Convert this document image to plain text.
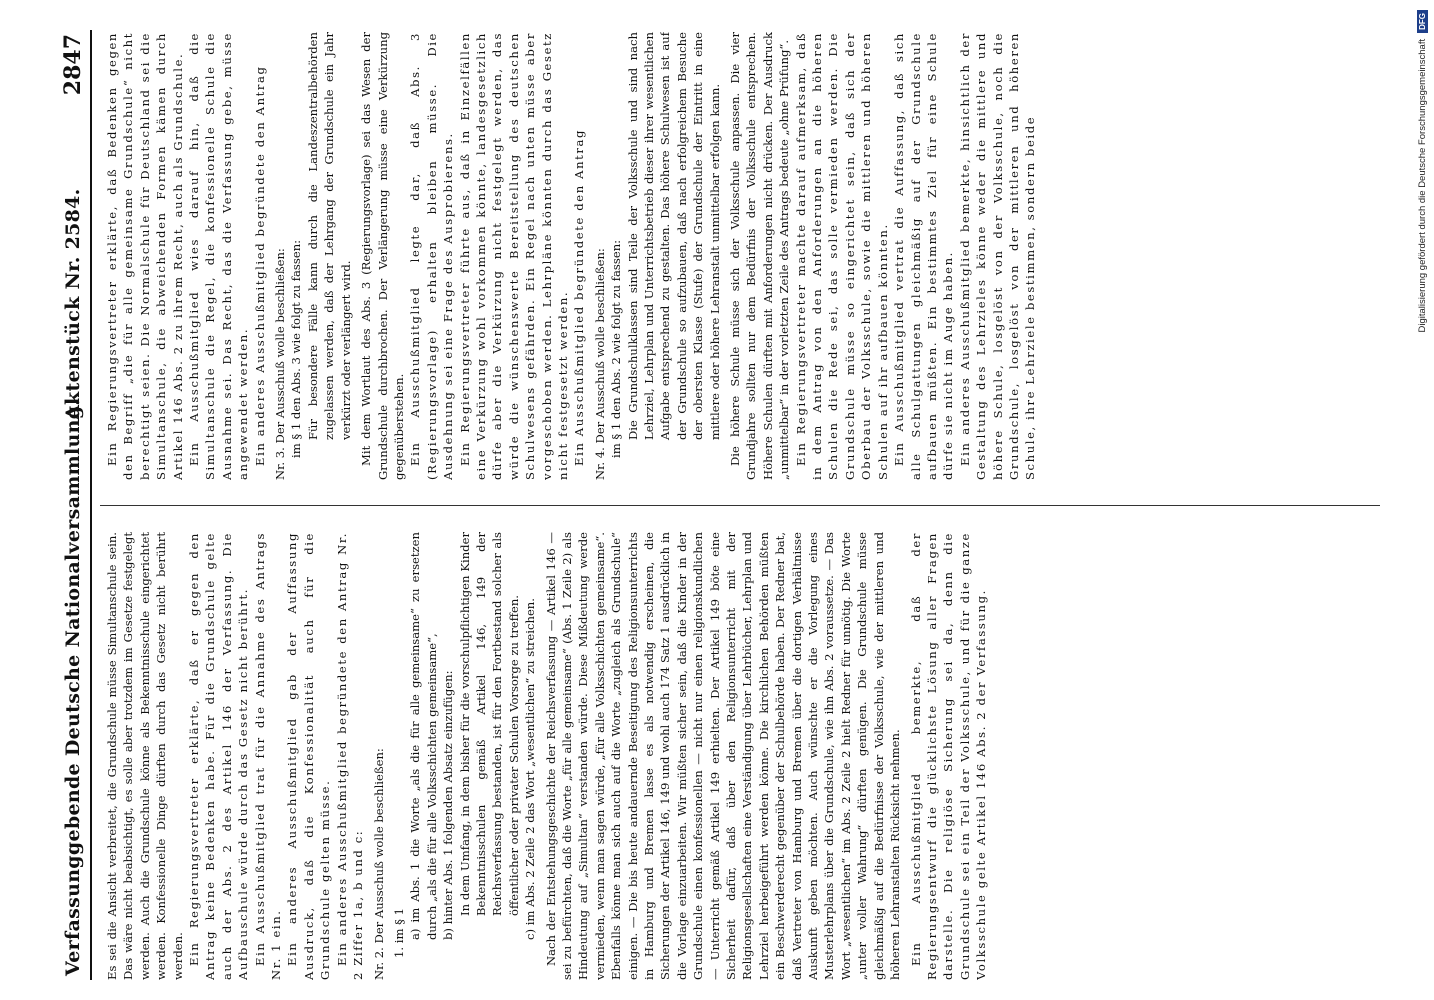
Verfassunggebende Deutsche Nationalversammlung.
Aktenstück Nr. 2584.
2847

Es sei die Ansicht verbreitet, die Grundschule müsse Simultanschule sein. Das wäre nicht beabsichtigt, es solle aber trotzdem im Gesetze festgelegt werden. Auch die Grundschule könne als Bekenntnisschule eingerichtet werden. Konfessionelle Dinge dürften durch das Gesetz nicht berührt werden. Ein Regierungsvertreter erklärte, daß er gegen den Antrag keine Bedenken habe. Für die Grundschule gelte auch der Abs. 2 des Artikel 146 der Verfassung. Die Aufbauschule würde durch das Gesetz nicht berührt. Ein Ausschußmitglied trat für die Annahme des Antrags Nr. 1 ein. Ein anderes Ausschußmitglied gab der Auffassung Ausdruck, daß die Konfessionalität auch für die Grundschule gelten müsse. Ein anderes Ausschußmitglied begründete den Antrag Nr. 2 Ziffer 1a, b und c: Nr. 2. Der Ausschuß wolle beschließen: 1. im § 1 a) im Abs. 1 die Worte „als die für alle gemeinsame“ zu ersetzen durch „als die für alle Volksschichten gemeinsame“, b) hinter Abs. 1 folgenden Absatz einzufügen: In dem Umfang, in dem bisher für die vorschulpflichtigen Kinder Bekenntnisschulen gemäß Artikel 146, 149 der Reichsverfassung bestanden, ist für den Fortbestand solcher als öffentlicher oder privater Schulen Vorsorge zu treffen. c) im Abs. 2 Zeile 2 das Wort „wesentlichen“ zu streichen. Nach der Entstehungsgeschichte der Reichsverfassung — Artikel 146 — sei zu befürchten, daß die Worte „für alle gemeinsame“ (Abs. 1 Zeile 2) als Hindeutung auf „Simultan“ verstanden würde. Diese Mißdeutung werde vermieden, wenn man sagen würde, „für alle Volksschichten gemeinsame“. Ebenfalls könne man sich auch auf die Worte „zugleich als Grundschule“ einigen. — Die bis heute andauernde Beseitigung des Religionsunterrichts in Hamburg und Bremen lasse es als notwendig erscheinen, die Sicherungen der Artikel 146, 149 und wohl auch 174 Satz 1 ausdrücklich in die Vorlage einzuarbeiten. Wir müßten sicher sein, daß die Kinder in der Grundschule einen konfessionellen — nicht nur einen religionskundlichen — Unterricht gemäß Artikel 149 erhielten. Der Artikel 149 böte eine Sicherheit dafür, daß über den Religionsunterricht mit der Religionsgesellschaften eine Verständigung über Lehrbücher, Lehrplan und Lehrziel herbeigeführt werden könne. Die kirchlichen Behörden müßten ein Beschwerderecht gegenüber der Schulbehörde haben. Der Redner bat, daß Vertreter von Hamburg und Bremen über die dortigen Verhältnisse Auskunft geben möchten. Auch wünschte er die Vorlegung eines Musterlehrplans über die Grundschule, wie ihn Abs. 2 voraussetze. — Das Wort „wesentlichen“ im Abs. 2 Zeile 2 hielt Redner für unnötig. Die Worte „unter voller Wahrung“ dürften genügen. Die Grundschule müsse gleichmäßig auf die Bedürfnisse der Volksschule, wie der mittleren und höheren Lehranstalten Rücksicht nehmen. Ein Ausschußmitglied bemerkte, daß der Regierungsentwurf die glücklichste Lösung aller Fragen darstelle. Die religiöse Sicherung sei da, denn die Grundschule sei ein Teil der Volksschule, und für die ganze Volksschule gelte Artikel 146 Abs. 2 der Verfassung.

Ein Regierungsvertreter erklärte, daß Bedenken gegen den Begriff „die für alle gemeinsame Grundschule“ nicht berechtigt seien. Die Normalschule für Deutschland sei die Simultanschule, die abweichenden Formen kämen durch Artikel 146 Abs. 2 zu ihrem Recht, auch als Grundschule. Ein Ausschußmitglied wies darauf hin, daß die Simultanschule die Regel, die konfessionelle Schule die Ausnahme sei. Das Recht, das die Verfassung gebe, müsse angewendet werden. Ein anderes Ausschußmitglied begründete den Antrag Nr. 3. Der Ausschuß wolle beschließen: im § 1 den Abs. 3 wie folgt zu fassen: Für besondere Fälle kann durch die Landeszentralbehörden zugelassen werden, daß der Lehrgang der Grundschule ein Jahr verkürzt oder verlängert wird. Mit dem Wortlaut des Abs. 3 (Regierungsvorlage) sei das Wesen der Grundschule durchbrochen. Der Verlängerung müsse eine Verkürzung gegenüberstehen. Ein Ausschußmitglied legte dar, daß Abs. 3 (Regierungsvorlage) erhalten bleiben müsse. Die Ausdehnung sei eine Frage des Ausprobierens. Ein Regierungsvertreter führte aus, daß in Einzelfällen eine Verkürzung wohl vorkommen könnte, landesgesetzlich dürfe aber die Verkürzung nicht festgelegt werden, das würde die wünschenswerte Bereitstellung des deutschen Schulwesens gefährden. Ein Regel nach unten müsse aber vorgeschoben werden. Lehrpläne könnten durch das Gesetz nicht festgesetzt werden. Ein Ausschußmitglied begründete den Antrag Nr. 4. Der Ausschuß wolle beschließen: im § 1 den Abs. 2 wie folgt zu fassen: Die Grundschulklassen sind Teile der Volksschule und sind nach Lehrziel, Lehrplan und Unterrichtsbetrieb dieser ihrer wesentlichen Aufgabe entsprechend zu gestalten. Das höhere Schulwesen ist auf der Grundschule so aufzubauen, daß nach erfolgreichem Besuche der obersten Klasse (Stufe) der Grundschule der Eintritt in eine mittlere oder höhere Lehranstalt unmittelbar erfolgen kann. Die höhere Schule müsse sich der Volksschule anpassen. Die vier Grundjahre sollten nur dem Bedürfnis der Volksschule entsprechen. Höhere Schulen dürften mit Anforderungen nicht drücken. Der Ausdruck „unmittelbar“ in der vorletzten Zeile des Antrags bedeute „ohne Prüfung“. Ein Regierungsvertreter machte darauf aufmerksam, daß in dem Antrag von den Anforderungen an die höheren Schulen die Rede sei, das solle vermieden werden. Die Grundschule müsse so eingerichtet sein, daß sich der Oberbau der Volksschule, sowie die mittleren und höheren Schulen auf ihr aufbauen könnten. Ein Ausschußmitglied vertrat die Auffassung, daß sich alle Schulgattungen gleichmäßig auf der Grundschule aufbauen müßten. Ein bestimmtes Ziel für eine Schule dürfe sie nicht im Auge haben. Ein anderes Ausschußmitglied bemerkte, hinsichtlich der Gestaltung des Lehrzieles könne weder die mittlere und höhere Schule, losgelöst von der Volksschule, noch die Grundschule, losgelöst von der mittleren und höheren Schule, ihre Lehrziele bestimmen, sondern beide	Digitalisierung gefördert durch die Deutsche Forschungsgemeinschaft
DFG
